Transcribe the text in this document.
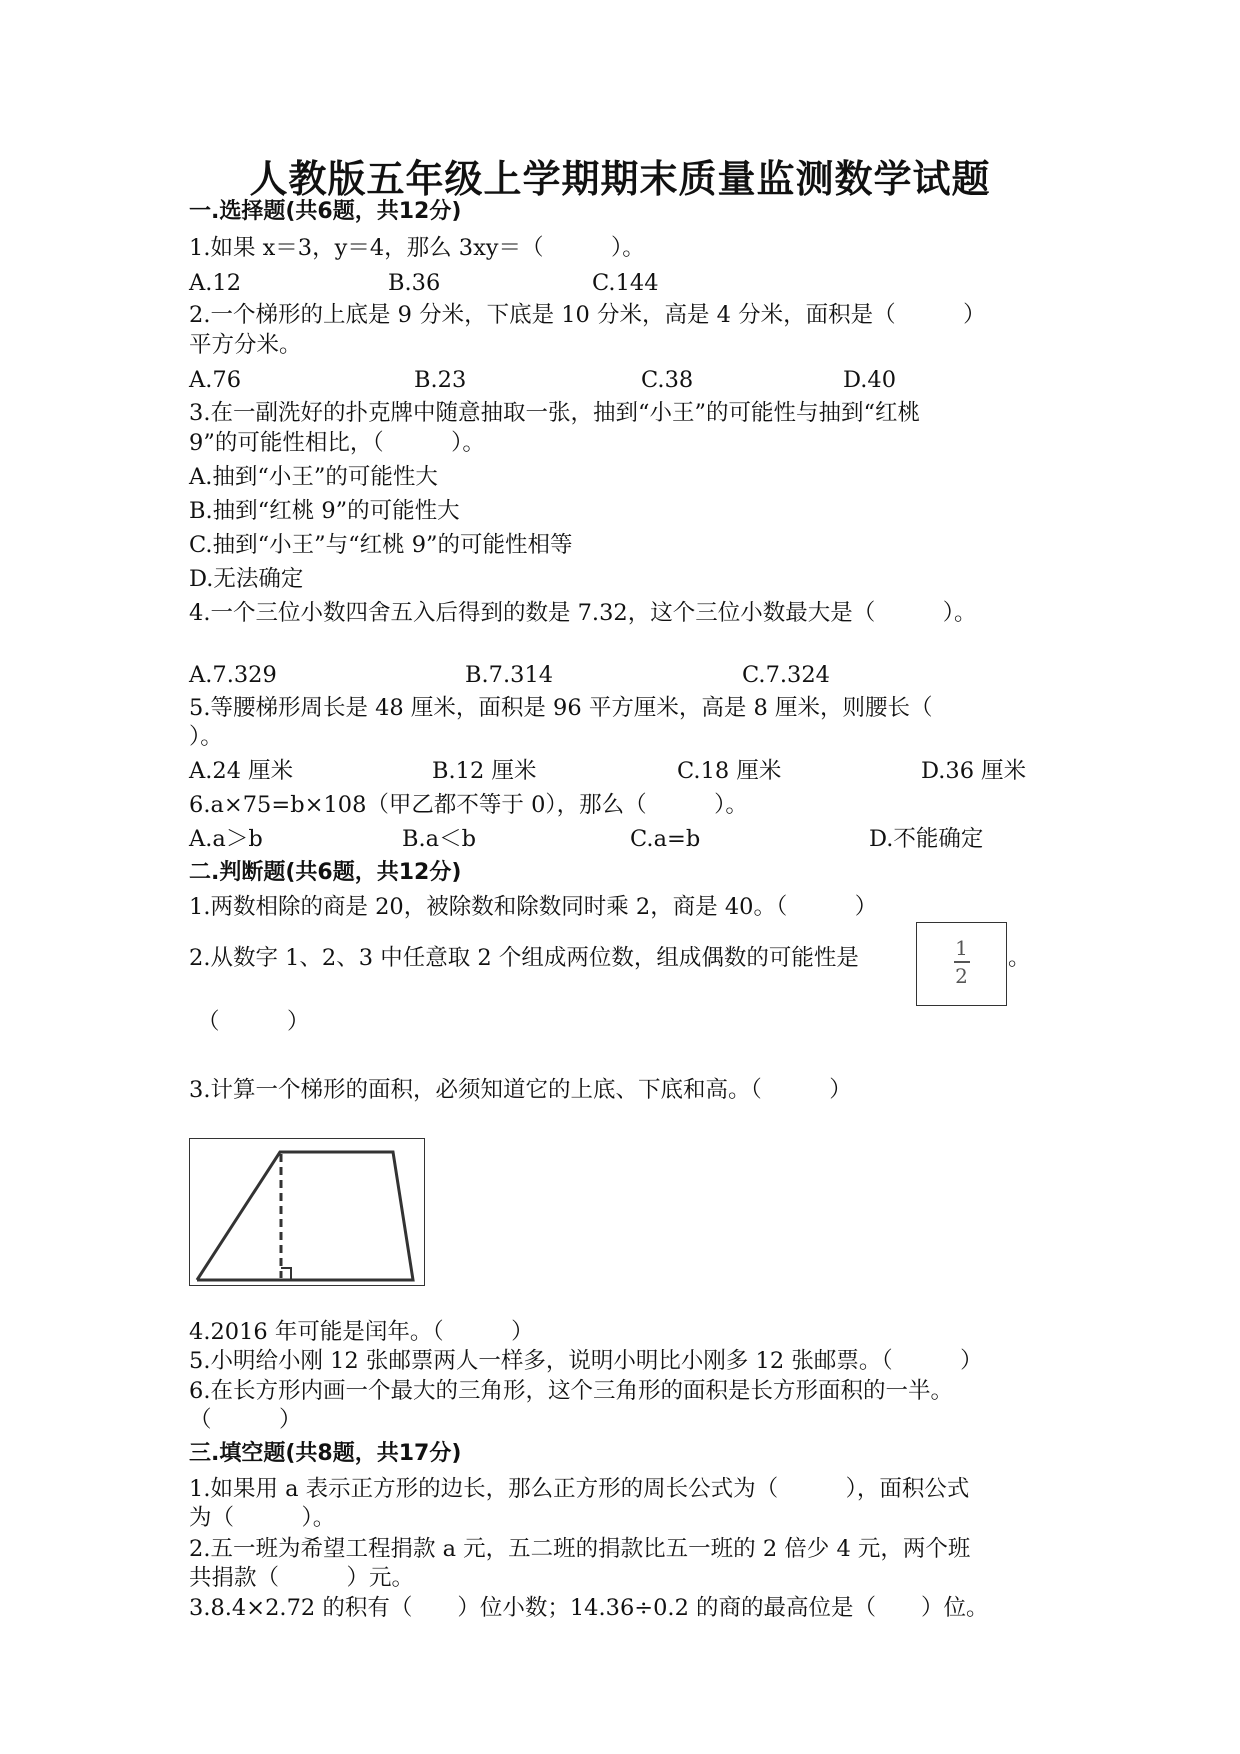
人教版五年级上学期期末质量监测数学试题
一.选择题(共6题，共12分)
1.如果 x＝3，y＝4，那么 3xy＝（　　　）。
A.12	B.36	C.144
2.一个梯形的上底是 9 分米，下底是 10 分米，高是 4 分米，面积是（　　　）
平方分米。
A.76	B.23	C.38	D.40
3.在一副洗好的扑克牌中随意抽取一张，抽到“小王”的可能性与抽到“红桃
9”的可能性相比，（　　　）。
A.抽到“小王”的可能性大
B.抽到“红桃 9”的可能性大
C.抽到“小王”与“红桃 9”的可能性相等
D.无法确定
4.一个三位小数四舍五入后得到的数是 7.32，这个三位小数最大是（　　　）。
A.7.329	B.7.314	C.7.324
5.等腰梯形周长是 48 厘米，面积是 96 平方厘米，高是 8 厘米，则腰长（
）。
A.24 厘米	B.12 厘米	C.18 厘米	D.36 厘米
6.a×75=b×108（甲乙都不等于 0），那么（　　　）。
A.a＞b	B.a＜b	C.a=b	D.不能确定
二.判断题(共6题，共12分)
1.两数相除的商是 20，被除数和除数同时乘 2，商是 40。（　　　）
2.从数字 1、2、3 中任意取 2 个组成两位数，组成偶数的可能性是	1
2
。
（　　　）
3.计算一个梯形的面积，必须知道它的上底、下底和高。（　　　）
4.2016 年可能是闰年。（　　　）
5.小明给小刚 12 张邮票两人一样多，说明小明比小刚多 12 张邮票。（　　　）
6.在长方形内画一个最大的三角形，这个三角形的面积是长方形面积的一半。
（　　　）
三.填空题(共8题，共17分)
1.如果用 a 表示正方形的边长，那么正方形的周长公式为（　　　），面积公式
为（　　　）。
2.五一班为希望工程捐款 a 元，五二班的捐款比五一班的 2 倍少 4 元，两个班
共捐款（　　　）元。
3.8.4×2.72 的积有（　　）位小数；14.36÷0.2 的商的最高位是（　　）位。
